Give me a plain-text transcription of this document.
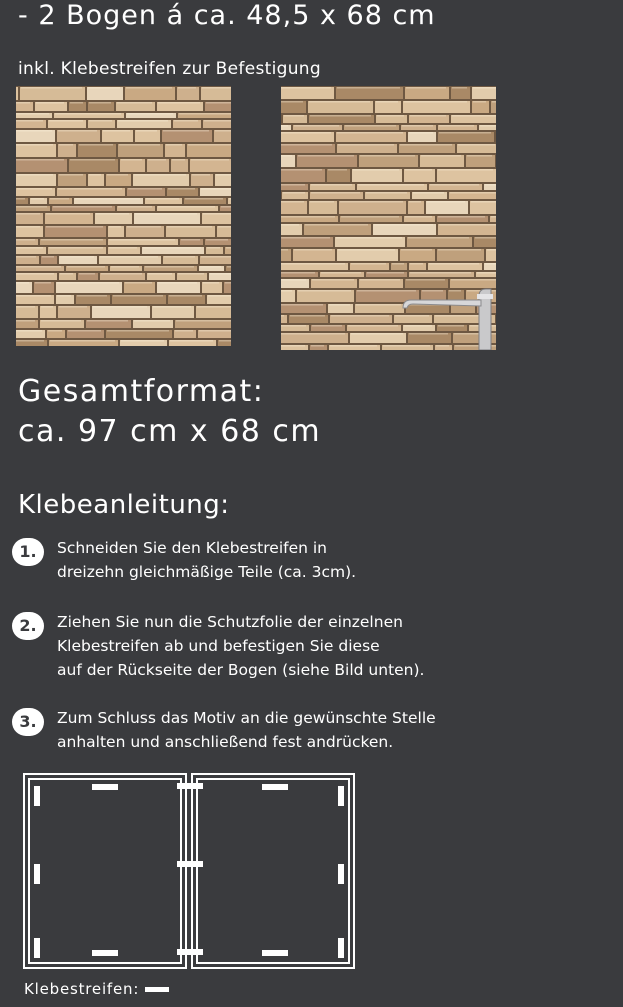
- 2 Bogen á ca. 48,5 x 68 cm
inkl. Klebestreifen zur Befestigung
Gesamtformat:
ca. 97 cm x 68 cm
Klebeanleitung:
1.	Schneiden Sie den Klebestreifen in
dreizehn gleichmäßige Teile (ca. 3cm).
2.	Ziehen Sie nun die Schutzfolie der einzelnen
Klebestreifen ab und befestigen Sie diese
auf der Rückseite der Bogen (siehe Bild unten).
3.	Zum Schluss das Motiv an die gewünschte Stelle
anhalten und anschließend fest andrücken.
Klebestreifen:
